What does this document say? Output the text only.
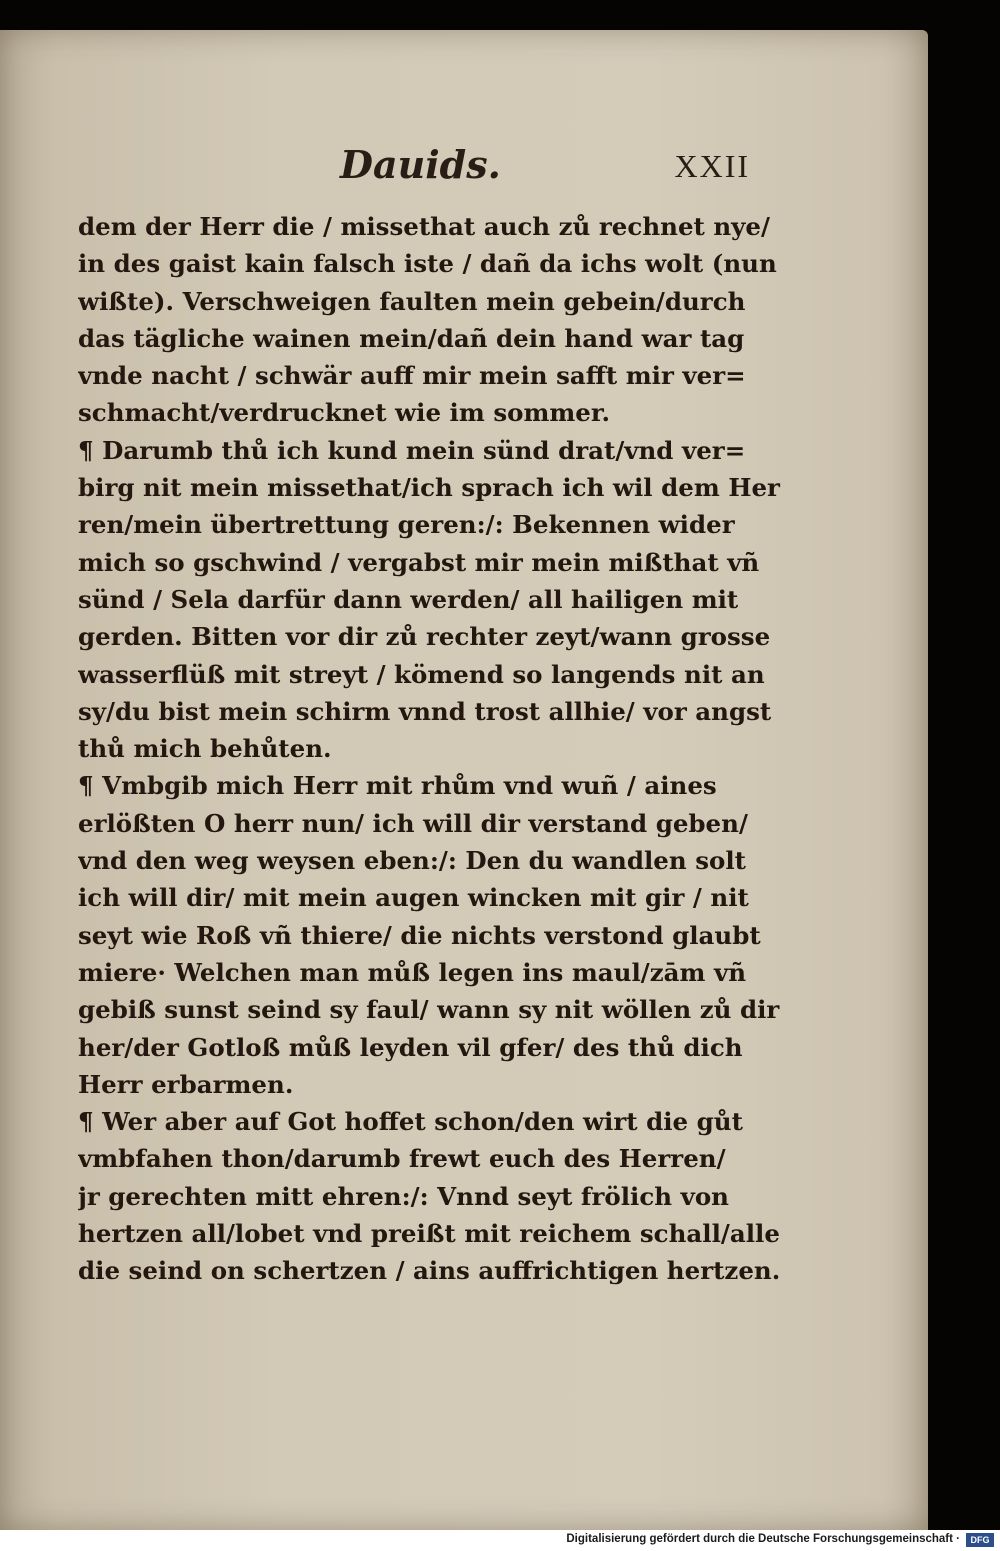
Dauids.	XXII
dem der Herr die / missethat auch zů rechnet nye/
in des gaist kain falsch iste / dañ da ichs wolt (nun
wißte). Verschweigen faulten mein gebein/durch
das tägliche wainen mein/dañ dein hand war tag
vnde nacht / schwär auff mir mein safft mir ver=
schmacht/verdrucknet wie im sommer.
¶ Darumb thů ich kund mein sünd drat/vnd ver=
birg nit mein missethat/ich sprach ich wil dem Her
ren/mein übertrettung geren:/: Bekennen wider
mich so gschwind / vergabst mir mein mißthat vñ
sünd / Sela darfür dann werden/ all hailigen mit
gerden. Bitten vor dir zů rechter zeyt/wann grosse
wasserflüß mit streyt / kömend so langends nit an
sy/du bist mein schirm vnnd trost allhie/ vor angst
thů mich behůten.
¶ Vmbgib mich Herr mit rhům vnd wuñ / aines
erlößten O herr nun/ ich will dir verstand geben/
vnd den weg weysen eben:/: Den du wandlen solt
ich will dir/ mit mein augen wincken mit gir / nit
seyt wie Roß vñ thiere/ die nichts verstond glaubt
miere· Welchen man můß legen ins maul/zām vñ
gebiß sunst seind sy faul/ wann sy nit wöllen zů dir
her/der Gotloß můß leyden vil gfer/ des thů dich
Herr erbarmen.
¶ Wer aber auf Got hoffet schon/den wirt die gůt
vmbfahen thon/darumb frewt euch des Herren/
jr gerechten mitt ehren:/: Vnnd seyt frölich von
hertzen all/lobet vnd preißt mit reichem schall/alle
die seind on schertzen / ains auffrichtigen hertzen.
Digitalisierung gefördert durch die Deutsche Forschungsgemeinschaft ·	DFG
